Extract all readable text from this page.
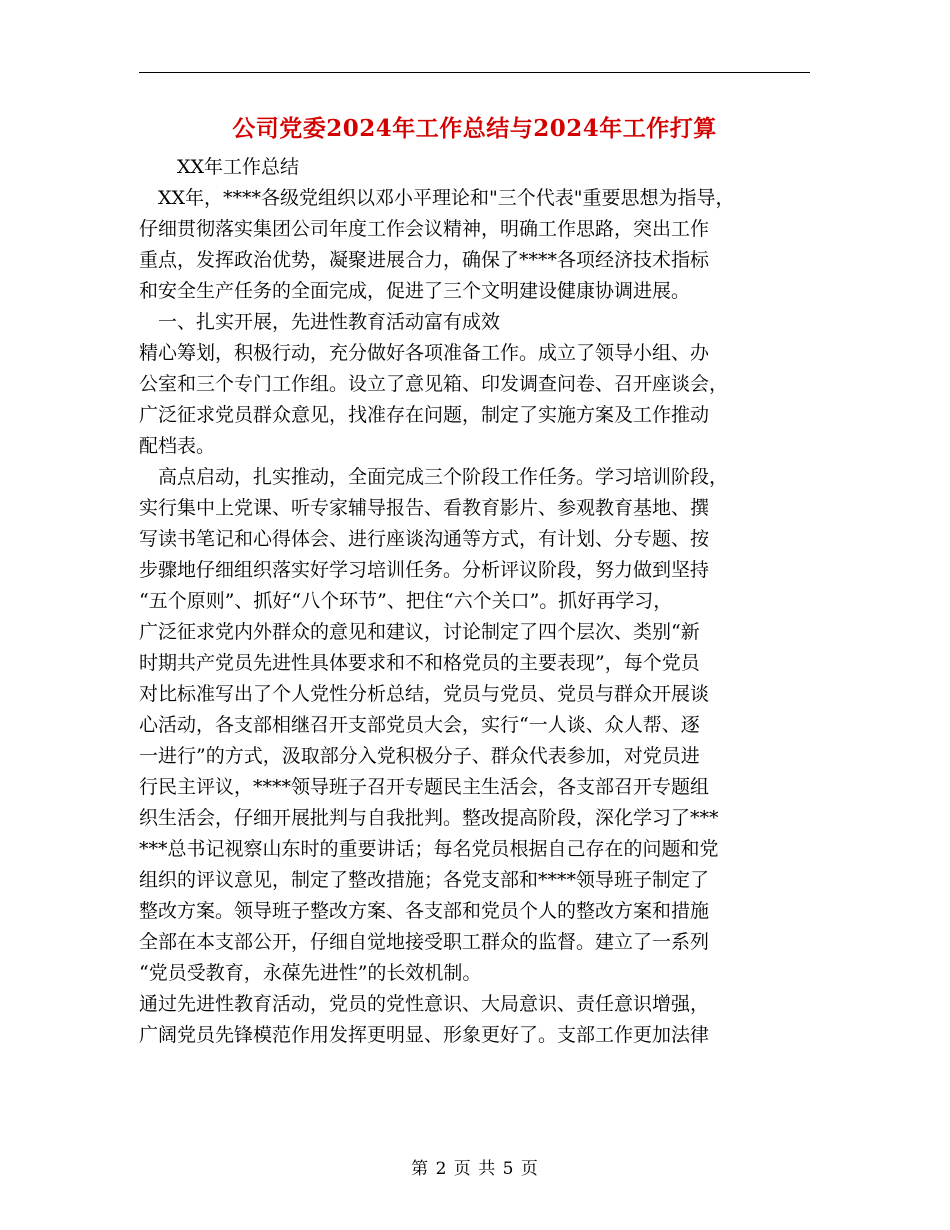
公司党委2024年工作总结与2024年工作打算
XX年工作总结
XX年，****各级党组织以邓小平理论和"三个代表"重要思想为指导，
仔细贯彻落实集团公司年度工作会议精神，明确工作思路，突出工作
重点，发挥政治优势，凝聚进展合力，确保了****各项经济技术指标
和安全生产任务的全面完成，促进了三个文明建设健康协调进展。
一、扎实开展，先进性教育活动富有成效
精心筹划，积极行动，充分做好各项准备工作。成立了领导小组、办
公室和三个专门工作组。设立了意见箱、印发调查问卷、召开座谈会，
广泛征求党员群众意见，找准存在问题，制定了实施方案及工作推动
配档表。
高点启动，扎实推动，全面完成三个阶段工作任务。学习培训阶段，
实行集中上党课、听专家辅导报告、看教育影片、参观教育基地、撰
写读书笔记和心得体会、进行座谈沟通等方式，有计划、分专题、按
步骤地仔细组织落实好学习培训任务。分析评议阶段，努力做到坚持
“五个原则”、抓好“八个环节”、把住“六个关口”。抓好再学习，
广泛征求党内外群众的意见和建议，讨论制定了四个层次、类别“新
时期共产党员先进性具体要求和不和格党员的主要表现”，每个党员
对比标准写出了个人党性分析总结，党员与党员、党员与群众开展谈
心活动，各支部相继召开支部党员大会，实行“一人谈、众人帮、逐
一进行”的方式，汲取部分入党积极分子、群众代表参加，对党员进
行民主评议，****领导班子召开专题民主生活会，各支部召开专题组
织生活会，仔细开展批判与自我批判。整改提高阶段，深化学习了***
***总书记视察山东时的重要讲话；每名党员根据自己存在的问题和党
组织的评议意见，制定了整改措施；各党支部和****领导班子制定了
整改方案。领导班子整改方案、各支部和党员个人的整改方案和措施
全部在本支部公开，仔细自觉地接受职工群众的监督。建立了一系列
“党员受教育，永葆先进性”的长效机制。
通过先进性教育活动，党员的党性意识、大局意识、责任意识增强，
广阔党员先锋模范作用发挥更明显、形象更好了。支部工作更加法律
第 2 页 共 5 页
